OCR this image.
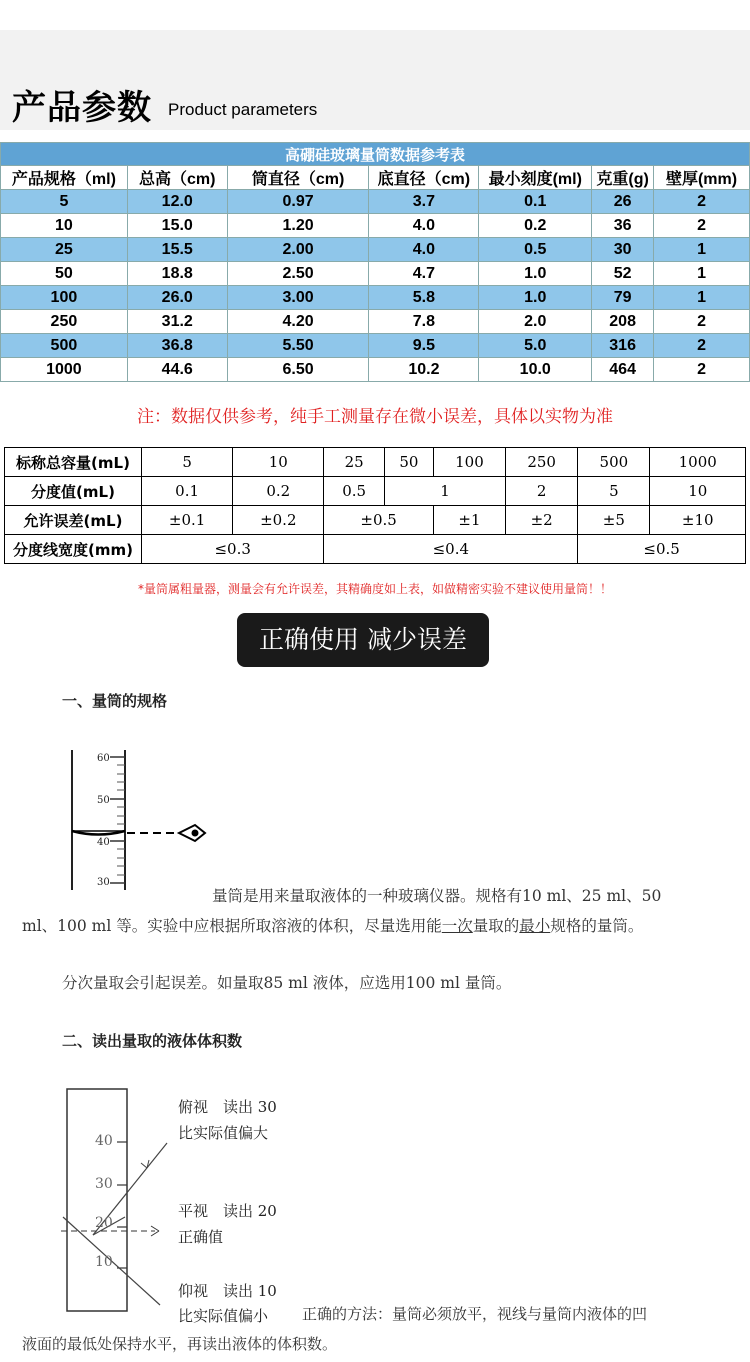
产品参数 Product parameters
高硼硅玻璃量筒数据参考表						
产品规格（ml)	总高（cm)	筒直径（cm)	底直径（cm)	最小刻度(ml)	克重(g)	壁厚(mm)
5	12.0	0.97	3.7	0.1	26	2
10	15.0	1.20	4.0	0.2	36	2
25	15.5	2.00	4.0	0.5	30	1
50	18.8	2.50	4.7	1.0	52	1
100	26.0	3.00	5.8	1.0	79	1
250	31.2	4.20	7.8	2.0	208	2
500	36.8	5.50	9.5	5.0	316	2
1000	44.6	6.50	10.2	10.0	464	2
注：数据仅供参考，纯手工测量存在微小误差，具体以实物为准
标称总容量(mL)	5	10	25	50	100	250	500	1000
分度值(mL)	0.1	0.2	0.5	1		2	5	10
允许误差(mL)	±0.1	±0.2	±0.5		±1	±2	±5	±10
分度线宽度(mm)	≤0.3		≤0.4				≤0.5	
*量筒属粗量器，测量会有允许误差，其精确度如上表，如做精密实验不建议使用量筒！！
正确使用 减少误差
一、量筒的规格
60
50
40
30
量筒是用来量取液体的一种玻璃仪器。规格有10 ml、25 ml、50
ml、100 ml 等。实验中应根据所取溶液的体积，尽量选用能一次量取的最小规格的量筒。
分次量取会引起误差。如量取85 ml 液体，应选用100 ml 量筒。
二、读出量取的液体体积数
40
30
20
10
俯视　读出 30
比实际值偏大
平视　读出 20
正确值
仰视　读出 10
比实际值偏小 正确的方法：量筒必须放平，视线与量筒内液体的凹
液面的最低处保持水平，再读出液体的体积数。
